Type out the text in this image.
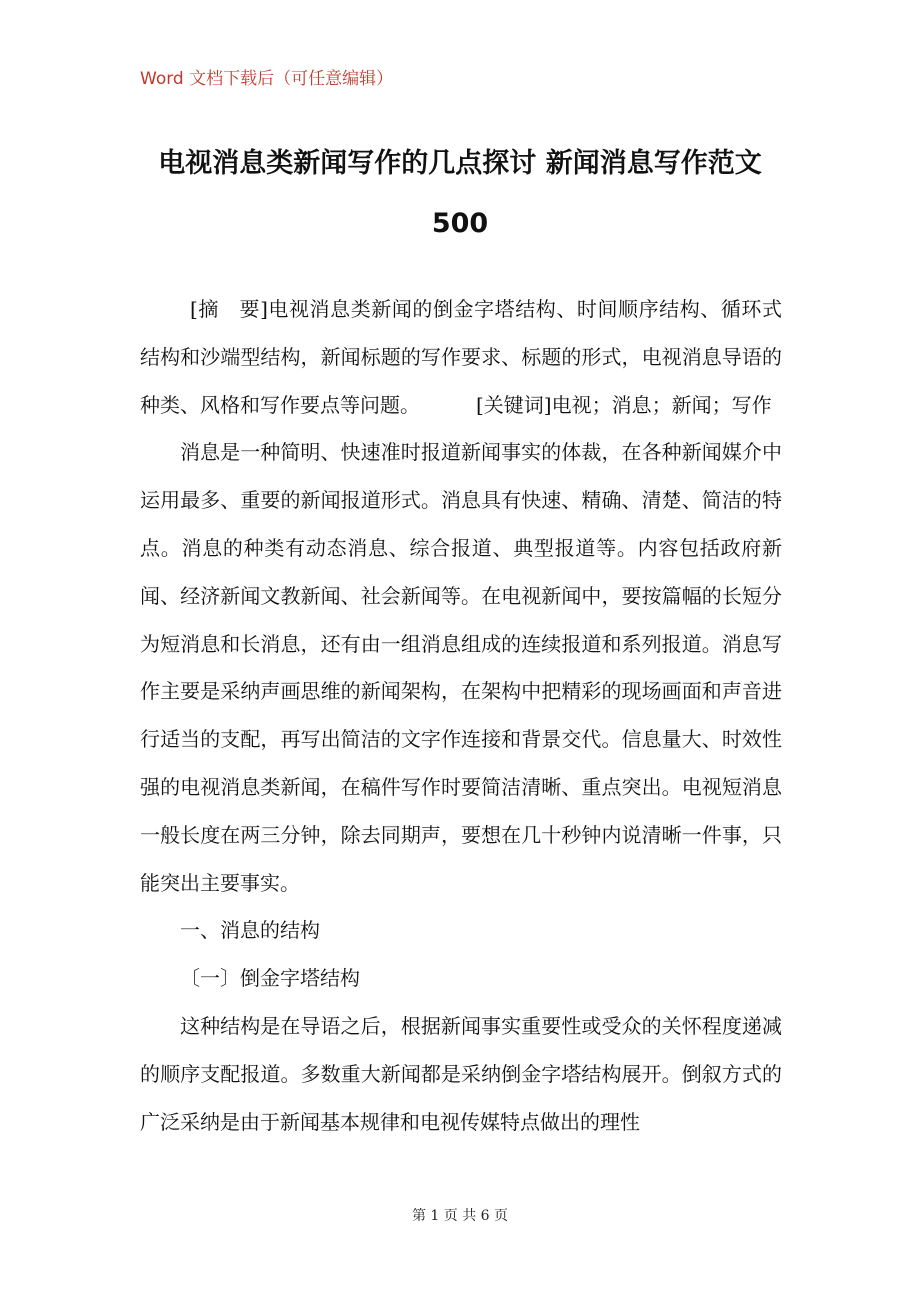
Word 文档下载后（可任意编辑）
电视消息类新闻写作的几点探讨 新闻消息写作范文
500

[摘　要]电视消息类新闻的倒金字塔结构、时间顺序结构、循环式结构和沙端型结构，新闻标题的写作要求、标题的形式，电视消息导语的种类、风格和写作要点等问题。	[关键词]电视；消息；新闻；写作

消息是一种简明、快速准时报道新闻事实的体裁，在各种新闻媒介中运用最多、重要的新闻报道形式。消息具有快速、精确、清楚、简洁的特点。消息的种类有动态消息、综合报道、典型报道等。内容包括政府新闻、经济新闻文教新闻、社会新闻等。在电视新闻中，要按篇幅的长短分为短消息和长消息，还有由一组消息组成的连续报道和系列报道。消息写作主要是采纳声画思维的新闻架构，在架构中把精彩的现场画面和声音进行适当的支配，再写出简洁的文字作连接和背景交代。信息量大、时效性强的电视消息类新闻，在稿件写作时要简洁清晰、重点突出。电视短消息一般长度在两三分钟，除去同期声，要想在几十秒钟内说清晰一件事，只能突出主要事实。

一、消息的结构

〔一〕倒金字塔结构

这种结构是在导语之后，根据新闻事实重要性或受众的关怀程度递减的顺序支配报道。多数重大新闻都是采纳倒金字塔结构展开。倒叙方式的广泛采纳是由于新闻基本规律和电视传媒特点做出的理性

第 1 页 共 6 页
